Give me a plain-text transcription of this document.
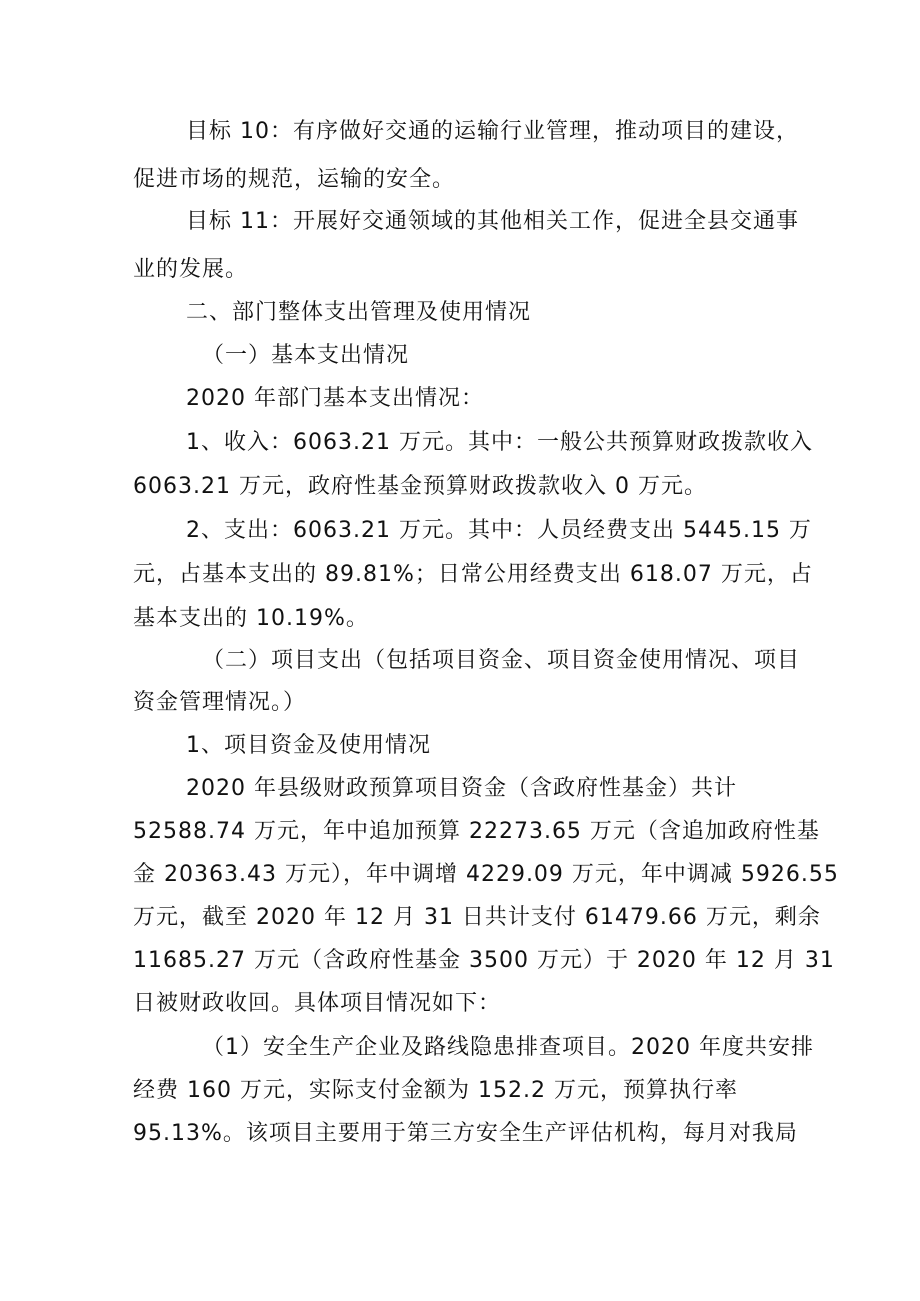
目标 10：有序做好交通的运输行业管理，推动项目的建设，
促进市场的规范，运输的安全。
目标 11：开展好交通领域的其他相关工作，促进全县交通事
业的发展。
二、部门整体支出管理及使用情况
（一）基本支出情况
2020 年部门基本支出情况：
1、收入：6063.21 万元。其中：一般公共预算财政拨款收入
6063.21 万元，政府性基金预算财政拨款收入 0 万元。
2、支出：6063.21 万元。其中：人员经费支出 5445.15 万
元，占基本支出的 89.81%；日常公用经费支出 618.07 万元，占
基本支出的 10.19%。
（二）项目支出（包括项目资金、项目资金使用情况、项目
资金管理情况。）
1、项目资金及使用情况
2020 年县级财政预算项目资金（含政府性基金）共计
52588.74 万元，年中追加预算 22273.65 万元（含追加政府性基
金 20363.43 万元），年中调增 4229.09 万元，年中调减 5926.55
万元，截至 2020 年 12 月 31 日共计支付 61479.66 万元，剩余
11685.27 万元（含政府性基金 3500 万元）于 2020 年 12 月 31
日被财政收回。具体项目情况如下：
（1）安全生产企业及路线隐患排查项目。2020 年度共安排
经费 160 万元，实际支付金额为 152.2 万元，预算执行率
95.13%。该项目主要用于第三方安全生产评估机构，每月对我局
